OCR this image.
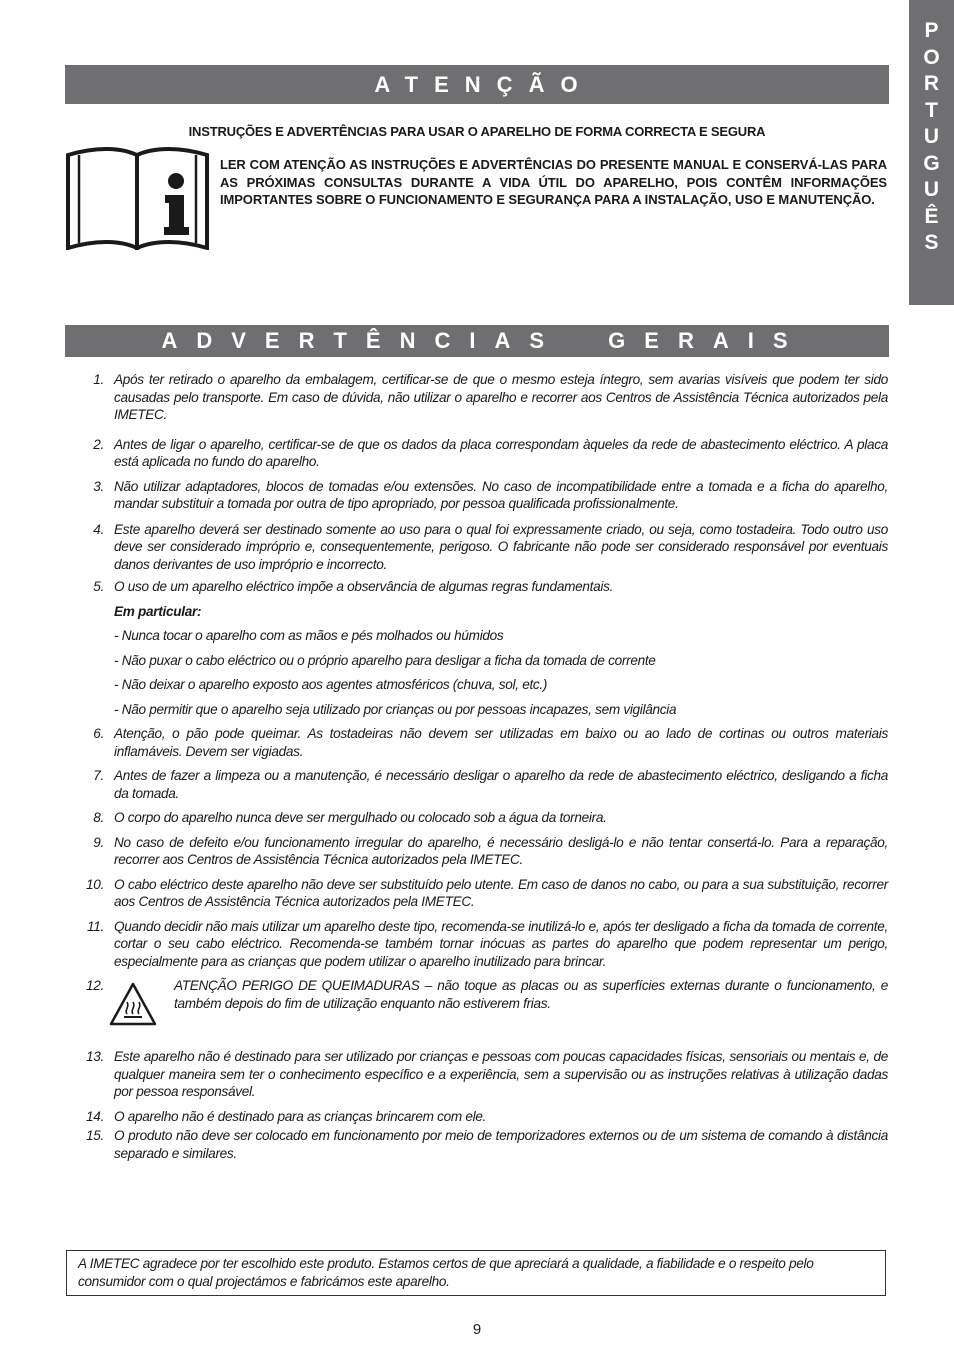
P
O
R
T
U
G
U
Ê
S
ATENÇÃO
INSTRUÇÕES E ADVERTÊNCIAS PARA USAR O APARELHO DE FORMA CORRECTA E SEGURA
LER COM ATENÇÃO AS INSTRUÇÕES E ADVERTÊNCIAS DO PRESENTE MANUAL E CONSERVÁ-LAS PARA AS PRÓXIMAS CONSULTAS DURANTE A VIDA ÚTIL DO APARELHO, POIS CONTÊM INFORMAÇÕES IMPORTANTES SOBRE O FUNCIONAMENTO E SEGURANÇA PARA A INSTALAÇÃO, USO E MANUTENÇÃO.
ADVERTÊNCIAS GERAIS
1. Após ter retirado o aparelho da embalagem, certificar-se de que o mesmo esteja íntegro, sem avarias visíveis que podem ter sido causadas pelo transporte. Em caso de dúvida, não utilizar o aparelho e recorrer aos Centros de Assistência Técnica autorizados pela IMETEC.
2. Antes de ligar o aparelho, certificar-se de que os dados da placa correspondam àqueles da rede de abastecimento eléctrico. A placa está aplicada no fundo do aparelho.
3. Não utilizar adaptadores, blocos de tomadas e/ou extensões. No caso de incompatibilidade entre a tomada e a ficha do aparelho, mandar substituir a tomada por outra de tipo apropriado, por pessoa qualificada profissionalmente.
4. Este aparelho deverá ser destinado somente ao uso para o qual foi expressamente criado, ou seja, como tostadeira. Todo outro uso deve ser considerado impróprio e, consequentemente, perigoso. O fabricante não pode ser considerado responsável por eventuais danos derivantes de uso impróprio e incorrecto.
5. O uso de um aparelho eléctrico impõe a observância de algumas regras fundamentais.
Em particular:
- Nunca tocar o aparelho com as mãos e pés molhados ou húmidos
- Não puxar o cabo eléctrico ou o próprio aparelho para desligar a ficha da tomada de corrente
- Não deixar o aparelho exposto aos agentes atmosféricos (chuva, sol, etc.)
- Não permitir que o aparelho seja utilizado por crianças ou por pessoas incapazes, sem vigilância
6. Atenção, o pão pode queimar. As tostadeiras não devem ser utilizadas em baixo ou ao lado de cortinas ou outros materiais inflamáveis. Devem ser vigiadas.
7. Antes de fazer a limpeza ou a manutenção, é necessário desligar o aparelho da rede de abastecimento eléctrico, desligando a ficha da tomada.
8. O corpo do aparelho nunca deve ser mergulhado ou colocado sob a água da torneira.
9. No caso de defeito e/ou funcionamento irregular do aparelho, é necessário desligá-lo e não tentar consertá-lo. Para a reparação, recorrer aos Centros de Assistência Técnica autorizados pela IMETEC.
10. O cabo eléctrico deste aparelho não deve ser substituído pelo utente. Em caso de danos no cabo, ou para a sua substituição, recorrer aos Centros de Assistência Técnica autorizados pela IMETEC.
11. Quando decidir não mais utilizar um aparelho deste tipo, recomenda-se inutilizá-lo e, após ter desligado a ficha da tomada de corrente, cortar o seu cabo eléctrico. Recomenda-se também tornar inócuas as partes do aparelho que podem representar um perigo, especialmente para as crianças que podem utilizar o aparelho inutilizado para brincar.
12.	ATENÇÃO PERIGO DE QUEIMADURAS – não toque as placas ou as superfícies externas durante o funcionamento, e também depois do fim de utilização enquanto não estiverem frias.
13. Este aparelho não é destinado para ser utilizado por crianças e pessoas com poucas capacidades físicas, sensoriais ou mentais e, de qualquer maneira sem ter o conhecimento específico e a experiência, sem a supervisão ou as instruções relativas à utilização dadas por pessoa responsável.
14. O aparelho não é destinado para as crianças brincarem com ele.
15. O produto não deve ser colocado em funcionamento por meio de temporizadores externos ou de um sistema de comando à distância separado e similares.
A IMETEC agradece por ter escolhido este produto. Estamos certos de que apreciará a qualidade, a fiabilidade e o respeito pelo consumidor com o qual projectámos e fabricámos este aparelho.
9
